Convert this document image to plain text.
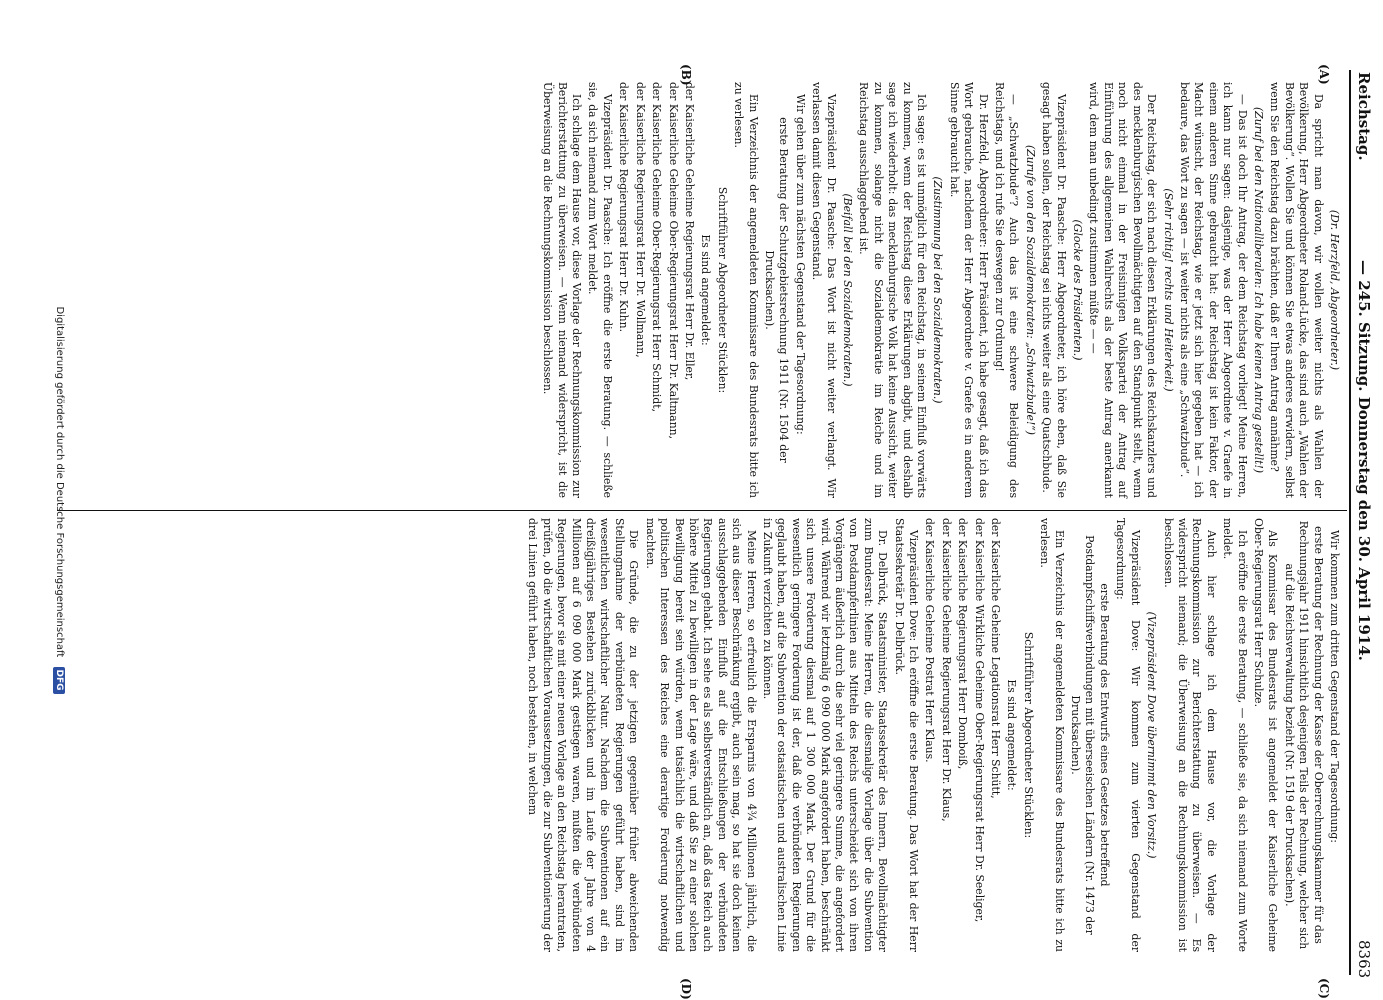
Reichstag.
— 245. Sitzung. Donnerstag den 30. April 1914.
8363
(A)
(B)
(C)
(D)

(Dr. Herzfeld, Abgeordneter.)

Da spricht man davon, wir wollen weiter nichts als Wahlen der Bevölkerung, Herr Abgeordneter Roland-Lücke, das sind auch „Wahlen der Bevölkerung“. Wollen Sie und können Sie etwas anderes erwidern, selbst wenn Sie den Reichstag dazu brächten, daß er Ihren Antrag annähme?

(Zuruf bei den Nationalliberalen: Ich habe keinen Antrag gestellt!)

— Das ist doch Ihr Antrag, der dem Reichstag vorliegt! Meine Herren, ich kann nur sagen: dasjenige, was der Herr Abgeordnete v. Graefe in einem anderen Sinne gebraucht hat: der Reichstag ist kein Faktor, der Macht wünscht, der Reichstag, wie er jetzt sich hier gegeben hat — ich bedaure, das Wort zu sagen — ist weiter nichts als eine „Schwatzbude“.

(Sehr richtig! rechts und Heiterkeit.)

Der Reichstag, der sich nach diesen Erklärungen des Reichskanzlers und des mecklenburgischen Bevollmächtigten auf den Standpunkt stellt, wenn noch nicht einmal in der Freisinnigen Volkspartei der Antrag auf Einführung des allgemeinen Wahlrechts als der beste Antrag anerkannt wird, dem man unbedingt zustimmen müßte — —

(Glocke des Präsidenten.)

Vizepräsident Dr. Paasche: Herr Abgeordneter, ich höre eben, daß Sie gesagt haben sollen, der Reichstag sei nichts weiter als eine Quatschbude.

(Zurufe von den Sozialdemokraten: „Schwatzbude!“)

— „Schwatzbude“? Auch das ist eine schwere Beleidigung des Reichstags, und ich rufe Sie deswegen zur Ordnung!

Dr. Herzfeld, Abgeordneter: Herr Präsident, ich habe gesagt, daß ich das Wort gebrauche, nachdem der Herr Abgeordnete v. Graefe es in anderem Sinne gebraucht hat.

(Zustimmung bei den Sozialdemokraten.)

Ich sage: es ist unmöglich für den Reichstag, in seinem Einfluß vorwärts zu kommen, wenn der Reichstag diese Erklärungen abgibt, und deshalb sage ich wiederholt: das mecklenburgische Volk hat keine Aussicht, weiter zu kommen, solange nicht die Sozialdemokratie im Reiche und im Reichstag ausschlaggebend ist.

(Beifall bei den Sozialdemokraten.)

Vizepräsident Dr. Paasche: Das Wort ist nicht weiter verlangt. Wir verlassen damit diesen Gegenstand.

Wir gehen über zum nächsten Gegenstand der Tagesordnung:

erste Beratung der Schutzgebietsrechnung 1911 (Nr. 1504 der Drucksachen).

Ein Verzeichnis der angemeldeten Kommissare des Bundesrats bitte ich zu verlesen.

Schriftführer Abgeordneter Stücklen:

Es sind angemeldet:

der Kaiserliche Geheime Regierungsrat Herr Dr. Eller,

der Kaiserliche Geheime Ober-Regierungsrat Herr Dr. Kaltmann,

der Kaiserliche Geheime Ober-Regierungsrat Herr Schmidt,

der Kaiserliche Regierungsrat Herr Dr. Wollmann,

der Kaiserliche Regierungsrat Herr Dr. Kuhn.

Vizepräsident Dr. Paasche: Ich eröffne die erste Beratung. — schließe sie, da sich niemand zum Wort meldet.

Ich schlage dem Hause vor, diese Vorlage der Rechnungskommission zur Berichterstattung zu überweisen. — Wenn niemand widerspricht, ist die Überweisung an die Rechnungskommission beschlossen.

Wir kommen zum dritten Gegenstand der Tagesordnung:

erste Beratung der Rechnung der Kasse der Oberrechnungskammer für das Rechnungsjahr 1911 hinsichtlich desjenigen Teils der Rechnung, welcher sich auf die Reichsverwaltung bezieht (Nr. 1519 der Drucksachen).

Als Kommissar des Bundesrats ist angemeldet der Kaiserliche Geheime Ober-Regierungsrat Herr Schulze.

Ich eröffne die erste Beratung, — schließe sie, da sich niemand zum Worte meldet.

Auch hier schlage ich dem Hause vor, die Vorlage der Rechnungskommission zur Berichterstattung zu überweisen. — Es widerspricht niemand; die Überweisung an die Rechnungskommission ist beschlossen.

(Vizepräsident Dove übernimmt den Vorsitz.)

Vizepräsident Dove: Wir kommen zum vierten Gegenstand der Tagesordnung:

erste Beratung des Entwurfs eines Gesetzes betreffend Postdampfschiffsverbindungen mit überseeischen Ländern (Nr. 1473 der Drucksachen).

Ein Verzeichnis der angemeldeten Kommissare des Bundesrats bitte ich zu verlesen.

Schriftführer Abgeordneter Stücklen:

Es sind angemeldet:

der Kaiserliche Geheime Legationsrat Herr Schütt,

der Kaiserliche Wirkliche Geheime Ober-Regierungsrat Herr Dr. Seeliger,

der Kaiserliche Regierungsrat Herr Domboiß,

der Kaiserliche Geheime Regierungsrat Herr Dr. Klaus,

der Kaiserliche Geheime Postrat Herr Klaus.

Vizepräsident Dove: Ich eröffne die erste Beratung. Das Wort hat der Herr Staatssekretär Dr. Delbrück.

Dr. Delbrück, Staatsminister, Staatssekretär des Innern, Bevollmächtigter zum Bundesrat: Meine Herren, die diesmalige Vorlage über die Subvention von Postdampferlinien aus Mitteln des Reichs unterscheidet sich von ihren Vorgängern äußerlich durch die sehr viel geringere Summe, die angefordert wird. Während wir letztmalig 6 090 000 Mark angefordert haben, beschränkt sich unsere Forderung diesmal auf 1 300 000 Mark. Der Grund für die wesentlich geringere Forderung ist der, daß die verbündeten Regierungen geglaubt haben, auf die Subvention der ostasiatischen und australischen Linie in Zukunft verzichten zu können.

Meine Herren, so erfreulich die Ersparnis von 4¾ Millionen jährlich, die sich aus dieser Beschränkung ergibt, auch sein mag, so hat sie doch keinen ausschlaggebenden Einfluß auf die Entschließungen der verbündeten Regierungen gehabt. Ich sehe es als selbstverständlich an, daß das Reich auch höhere Mittel zu bewilligen in der Lage wäre, und daß Sie zu einer solchen Bewilligung bereit sein würden, wenn tatsächlich die wirtschaftlichen und politischen Interessen des Reiches eine derartige Forderung notwendig machten.

Die Gründe, die zu der jetzigen gegenüber früher abweichenden Stellungnahme der verbündeten Regierungen geführt haben, sind im wesentlichen wirtschaftlicher Natur. Nachdem die Subventionen auf ein dreißigjähriges Bestehen zurückblicken und im Laufe der Jahre von 4 Millionen auf 6 090 000 Mark gestiegen waren, mußten die verbündeten Regierungen, bevor sie mit einer neuen Vorlage an den Reichstag herantraten, prüfen, ob die wirtschaftlichen Voraussetzungen, die zur Subventionierung der drei Linien geführt haben, noch bestehen, in welchem

Digitalisierung gefördert durch die Deutsche Forschungsgemeinschaft DFG
